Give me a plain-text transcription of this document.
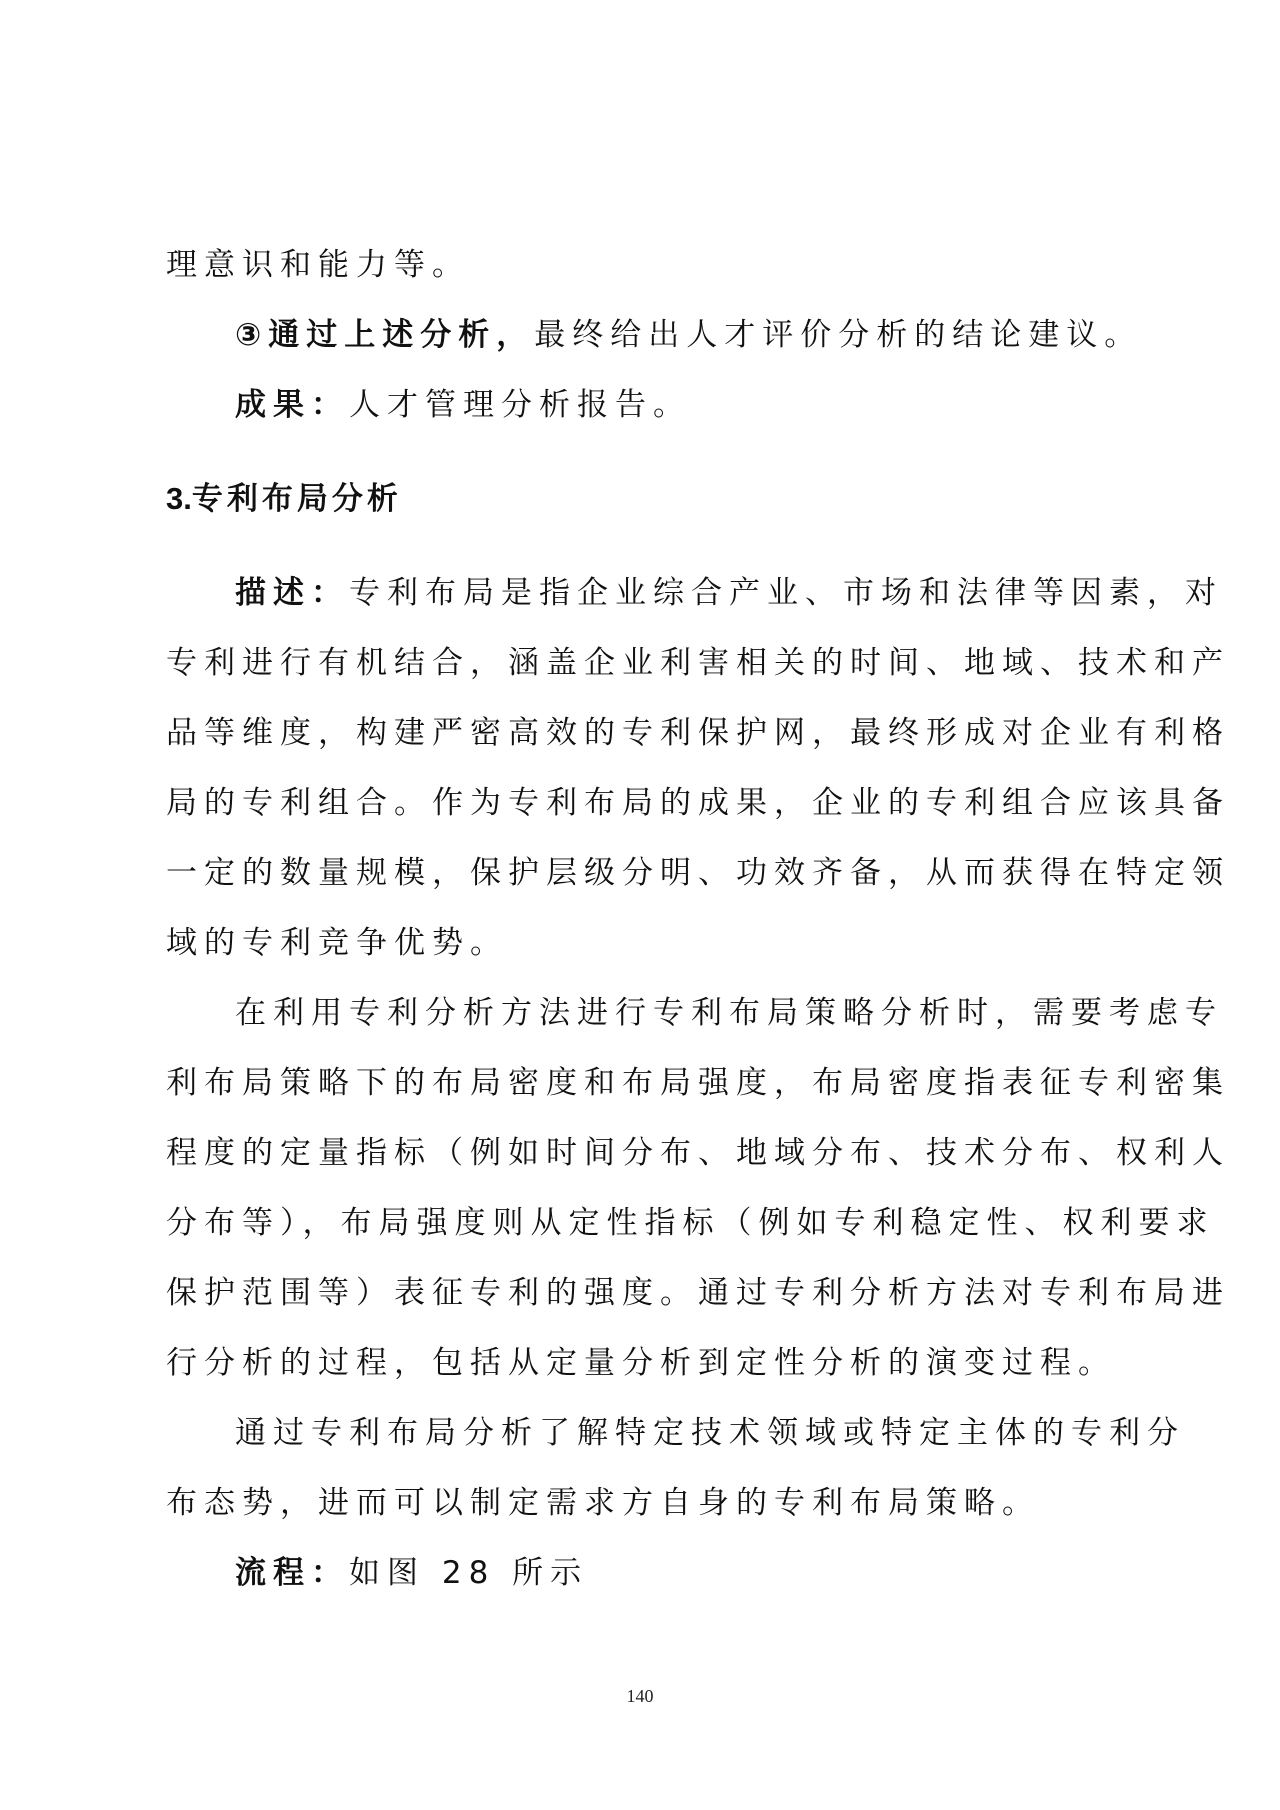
理意识和能力等。

③通过上述分析，最终给出人才评价分析的结论建议。

成果：人才管理分析报告。

3.专利布局分析

描述：专利布局是指企业综合产业、市场和法律等因素，对

专利进行有机结合，涵盖企业利害相关的时间、地域、技术和产

品等维度，构建严密高效的专利保护网，最终形成对企业有利格

局的专利组合。作为专利布局的成果，企业的专利组合应该具备

一定的数量规模，保护层级分明、功效齐备，从而获得在特定领

域的专利竞争优势。

在利用专利分析方法进行专利布局策略分析时，需要考虑专

利布局策略下的布局密度和布局强度，布局密度指表征专利密集

程度的定量指标（例如时间分布、地域分布、技术分布、权利人

分布等），布局强度则从定性指标（例如专利稳定性、权利要求

保护范围等）表征专利的强度。通过专利分析方法对专利布局进

行分析的过程，包括从定量分析到定性分析的演变过程。

通过专利布局分析了解特定技术领域或特定主体的专利分

布态势，进而可以制定需求方自身的专利布局策略。

流程：如图 28 所示

140
